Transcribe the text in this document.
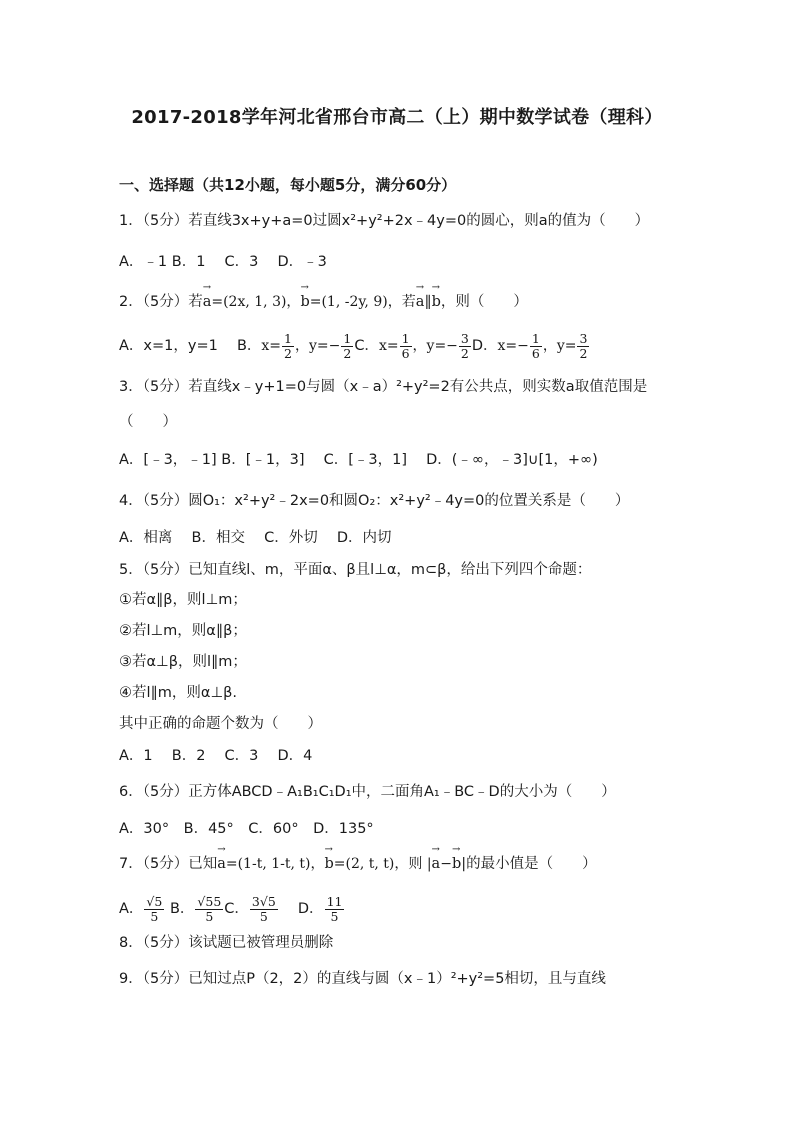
2017-2018学年河北省邢台市高二（上）期中数学试卷（理科）
一、选择题（共12小题，每小题5分，满分60分）
1．（5分）若直线3x+y+a=0过圆x²+y²+2x﹣4y=0的圆心，则a的值为（　　）
A．﹣1 B．1　 C．3　 D．﹣3
2．（5分）若
→
a=(2x, 1, 3)，
→
b=(1, -2y, 9)，若
→
a∥
→
b，则（　　）
A．x=1，y=1　 B．$x= \frac{1}{2}$ ，$y=- \frac{1}{2}$ C．$x= \frac{1}{6}$ ，$y=- \frac{3}{2}$ D．$x=- \frac{1}{6}$ ，$y= \frac{3}{2}$
3．（5分）若直线x﹣y+1=0与圆（x﹣a）²+y²=2有公共点，则实数a取值范围是
（　　）
A．[﹣3，﹣1] B．[﹣1，3]　 C．[﹣3，1]　 D．(﹣∞，﹣3]∪[1，+∞)
4．（5分）圆O₁：x²+y²﹣2x=0和圆O₂：x²+y²﹣4y=0的位置关系是（　　）
A．相离　 B．相交　 C．外切　 D．内切
5．（5分）已知直线l、m，平面α、β且l⊥α，m⊂β，给出下列四个命题：
①若α∥β，则l⊥m；
②若l⊥m，则α∥β；
③若α⊥β，则l∥m；
④若l∥m，则α⊥β.
其中正确的命题个数为（　　）
A．1　 B．2　 C．3　 D．4
6．（5分）正方体ABCD﹣A₁B₁C₁D₁中，二面角A₁﹣BC﹣D的大小为（　　）
A．30°　B．45°　C．60°　D．135°
7．（5分）已知
→
a=(1-t, 1-t, t)，
→
b=(2, t, t)，则 |
→
a−
→
b|的最小值是（　　）
A． $\frac{√5}{5}$ B． $\frac{√55}{5}$ C． $\frac{3√5}{5}$ 　 D． $\frac{11}{5}$
8．（5分）该试题已被管理员删除
9．（5分）已知过点P（2，2）的直线与圆（x﹣1）²+y²=5相切，且与直线
